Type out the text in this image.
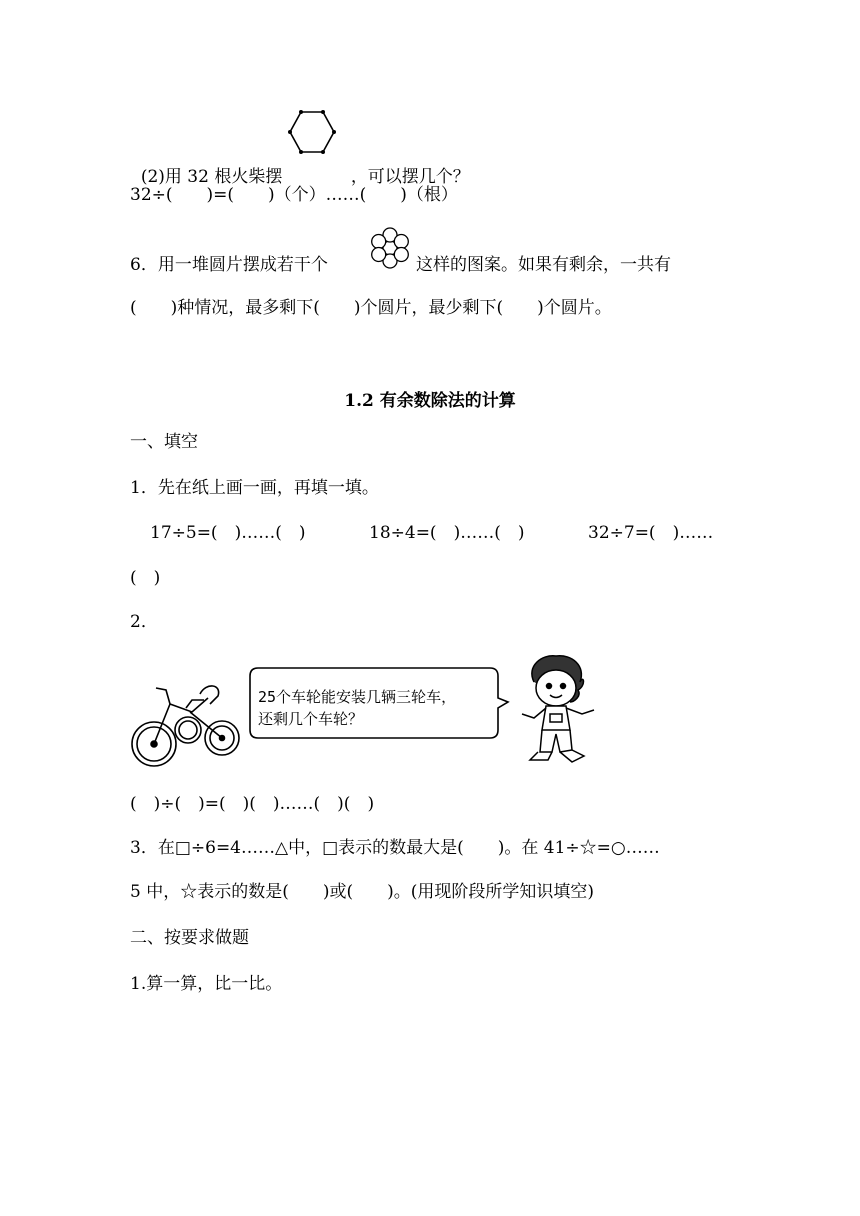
(2)用 32 根火柴摆	，可以摆几个？

32÷(　　)=(　　)（个）……(　　)（根）
6．用一堆圆片摆成若干个	这样的图案。如果有剩余，一共有
(　　)种情况，最多剩下(　　)个圆片，最少剩下(　　)个圆片。
1.2 有余数除法的计算
一、填空
1．先在纸上画一画，再填一填。
17÷5=(　)……(　)	18÷4=(　)……(　)	32÷7=(　)……
(　)
2．
25个车轮能安装几辆三轮车，
还剩几个车轮？
(　)÷(　)=(　)(　)……(　)(　)
3．在□÷6=4……△中，□表示的数最大是(　　)。在 41÷☆=○……
5 中，☆表示的数是(　　)或(　　)。(用现阶段所学知识填空)
二、按要求做题
1.算一算，比一比。
